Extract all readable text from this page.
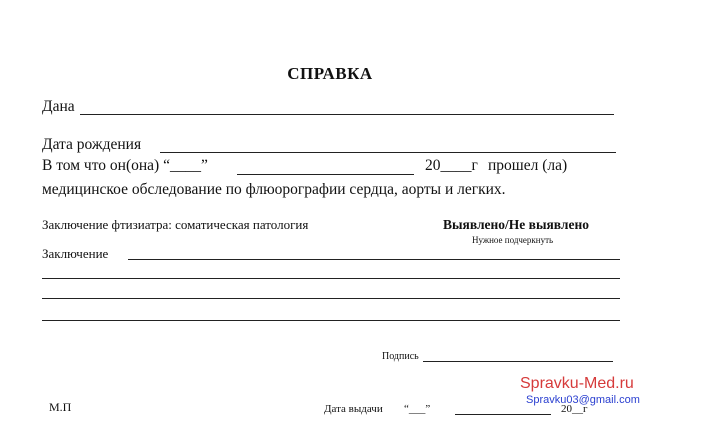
СПРАВКА
Дана
Дата рождения
В том что он(она) “____”	20____г прошел (ла)
медицинское обследование по флюорографии сердца, аорты и легких.
Заключение фтизиатра: соматическая патология	Выявлено/Не выявлено
Нужное подчеркнуть
Заключение
Подпись
Spravku-Med.ru
Spravku03@gmail.com
М.П	Дата выдачи “___”	20__г
